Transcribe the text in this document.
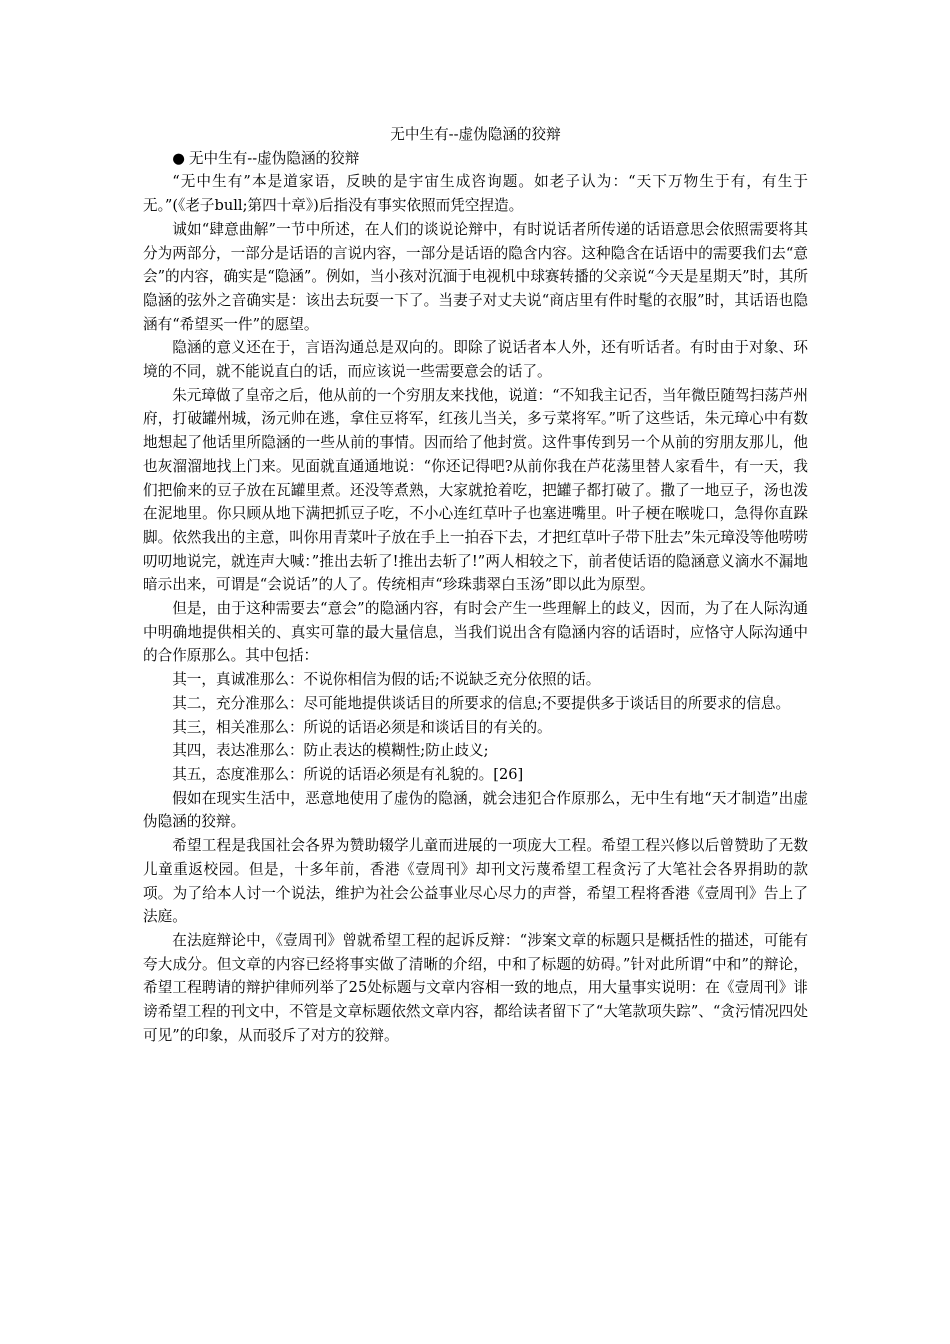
无中生有--虚伪隐涵的狡辩

● 无中生有--虚伪隐涵的狡辩

“无中生有”本是道家语，反映的是宇宙生成咨询题。如老子认为：“天下万物生于有，有生于无。”(《老子bull;第四十章》)后指没有事实依照而凭空捏造。

诚如“肆意曲解”一节中所述，在人们的谈说论辩中，有时说话者所传递的话语意思会依照需要将其分为两部分，一部分是话语的言说内容，一部分是话语的隐含内容。这种隐含在话语中的需要我们去“意会”的内容，确实是“隐涵”。例如，当小孩对沉湎于电视机中球赛转播的父亲说“今天是星期天”时，其所隐涵的弦外之音确实是：该出去玩耍一下了。当妻子对丈夫说“商店里有件时髦的衣服”时，其话语也隐涵有“希望买一件”的愿望。

隐涵的意义还在于，言语沟通总是双向的。即除了说话者本人外，还有听话者。有时由于对象、环境的不同，就不能说直白的话，而应该说一些需要意会的话了。

朱元璋做了皇帝之后，他从前的一个穷朋友来找他，说道：“不知我主记否，当年微臣随驾扫荡芦州府，打破罐州城，汤元帅在逃，拿住豆将军，红孩儿当关，多亏菜将军。”听了这些话，朱元璋心中有数地想起了他话里所隐涵的一些从前的事情。因而给了他封赏。这件事传到另一个从前的穷朋友那儿，他也灰溜溜地找上门来。见面就直通通地说：“你还记得吧?从前你我在芦花荡里替人家看牛，有一天，我们把偷来的豆子放在瓦罐里煮。还没等煮熟，大家就抢着吃，把罐子都打破了。撒了一地豆子，汤也泼在泥地里。你只顾从地下满把抓豆子吃，不小心连红草叶子也塞进嘴里。叶子梗在喉咙口，急得你直跺脚。依然我出的主意，叫你用青菜叶子放在手上一拍吞下去，才把红草叶子带下肚去”朱元璋没等他唠唠叨叨地说完，就连声大喊：”推出去斩了!推出去斩了!”两人相较之下，前者使话语的隐涵意义滴水不漏地暗示出来，可谓是“会说话”的人了。传统相声“珍珠翡翠白玉汤”即以此为原型。

但是，由于这种需要去“意会”的隐涵内容，有时会产生一些理解上的歧义，因而，为了在人际沟通中明确地提供相关的、真实可靠的最大量信息，当我们说出含有隐涵内容的话语时，应恪守人际沟通中的合作原那么。其中包括：

其一，真诚准那么：不说你相信为假的话;不说缺乏充分依照的话。

其二，充分准那么：尽可能地提供谈话目的所要求的信息;不要提供多于谈话目的所要求的信息。

其三，相关准那么：所说的话语必须是和谈话目的有关的。

其四，表达准那么：防止表达的模糊性;防止歧义;

其五，态度准那么：所说的话语必须是有礼貌的。[26]

假如在现实生活中，恶意地使用了虚伪的隐涵，就会违犯合作原那么，无中生有地“天才制造”出虚伪隐涵的狡辩。

希望工程是我国社会各界为赞助辍学儿童而进展的一项庞大工程。希望工程兴修以后曾赞助了无数儿童重返校园。但是，十多年前，香港《壹周刊》却刊文污蔑希望工程贪污了大笔社会各界捐助的款项。为了给本人讨一个说法，维护为社会公益事业尽心尽力的声誉，希望工程将香港《壹周刊》告上了法庭。

在法庭辩论中，《壹周刊》曾就希望工程的起诉反辩：“涉案文章的标题只是概括性的描述，可能有夸大成分。但文章的内容已经将事实做了清晰的介绍，中和了标题的妨碍。”针对此所谓“中和”的辩论，希望工程聘请的辩护律师列举了25处标题与文章内容相一致的地点，用大量事实说明：在《壹周刊》诽谤希望工程的刊文中，不管是文章标题依然文章内容，都给读者留下了“大笔款项失踪”、“贪污情况四处可见”的印象，从而驳斥了对方的狡辩。
